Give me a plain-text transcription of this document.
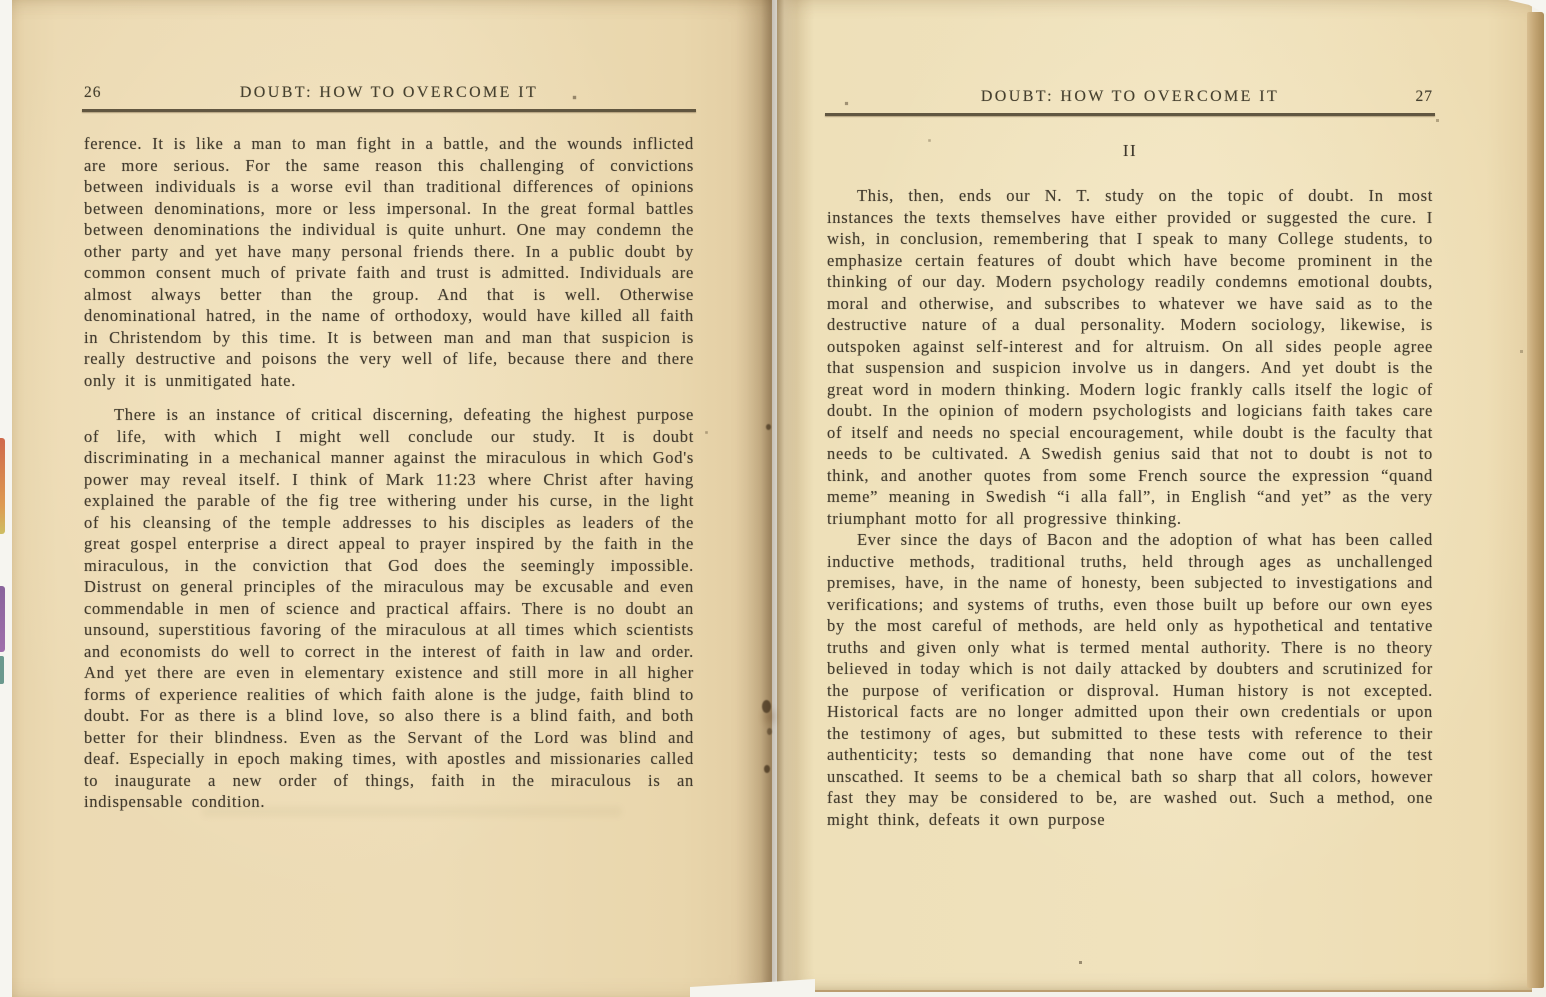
26	DOUBT: HOW TO OVERCOME IT

ference. It is like a man to man fight in a battle, and the wounds inflicted are more serious. For the same reason this challenging of convictions between individuals is a worse evil than traditional differences of opinions between denominations, more or less impersonal. In the great formal battles between denominations the individual is quite unhurt. One may condemn the other party and yet have many personal friends there. In a public doubt by common consent much of private faith and trust is admitted. Individuals are almost always better than the group. And that is well. Otherwise denominational hatred, in the name of orthodoxy, would have killed all faith in Christendom by this time. It is between man and man that suspicion is really destructive and poisons the very well of life, because there and there only it is unmitigated hate.

There is an instance of critical discerning, defeating the highest purpose of life, with which I might well conclude our study. It is doubt discriminating in a mechanical manner against the miraculous in which God's power may reveal itself. I think of Mark 11:23 where Christ after having explained the parable of the fig tree withering under his curse, in the light of his cleansing of the temple addresses to his disciples as leaders of the great gospel enterprise a direct appeal to prayer inspired by the faith in the miraculous, in the conviction that God does the seemingly impossible. Distrust on general principles of the miraculous may be excusable and even commendable in men of science and practical affairs. There is no doubt an unsound, superstitious favoring of the miraculous at all times which scientists and economists do well to correct in the interest of faith in law and order. And yet there are even in elementary existence and still more in all higher forms of experience realities of which faith alone is the judge, faith blind to doubt. For as there is a blind love, so also there is a blind faith, and both better for their blindness. Even as the Servant of the Lord was blind and deaf. Especially in epoch making times, with apostles and missionaries called to inaugurate a new order of things, faith in the miraculous is an indispensable condition.

DOUBT: HOW TO OVERCOME IT	27
II

This, then, ends our N. T. study on the topic of doubt. In most instances the texts themselves have either provided or suggested the cure. I wish, in conclusion, remembering that I speak to many College students, to emphasize certain features of doubt which have become prominent in the thinking of our day. Modern psychology readily condemns emotional doubts, moral and otherwise, and subscribes to whatever we have said as to the destructive nature of a dual personality. Modern sociology, likewise, is outspoken against self-interest and for altruism. On all sides people agree that suspension and suspicion involve us in dangers. And yet doubt is the great word in modern thinking. Modern logic frankly calls itself the logic of doubt. In the opinion of modern psychologists and logicians faith takes care of itself and needs no special encouragement, while doubt is the faculty that needs to be cultivated. A Swedish genius said that not to doubt is not to think, and another quotes from some French source the expression “quand meme” meaning in Swedish “i alla fall”, in English “and yet” as the very triumphant motto for all progressive thinking.

Ever since the days of Bacon and the adoption of what has been called inductive methods, traditional truths, held through ages as unchallenged premises, have, in the name of honesty, been subjected to investigations and verifications; and systems of truths, even those built up before our own eyes by the most careful of methods, are held only as hypothetical and tentative truths and given only what is termed mental authority. There is no theory believed in today which is not daily attacked by doubters and scrutinized for the purpose of verification or disproval. Human history is not excepted. Historical facts are no longer admitted upon their own credentials or upon the testimony of ages, but submitted to these tests with reference to their authenticity; tests so demanding that none have come out of the test unscathed. It seems to be a chemical bath so sharp that all colors, however fast they may be considered to be, are washed out. Such a method, one might think, defeats it own purpose
